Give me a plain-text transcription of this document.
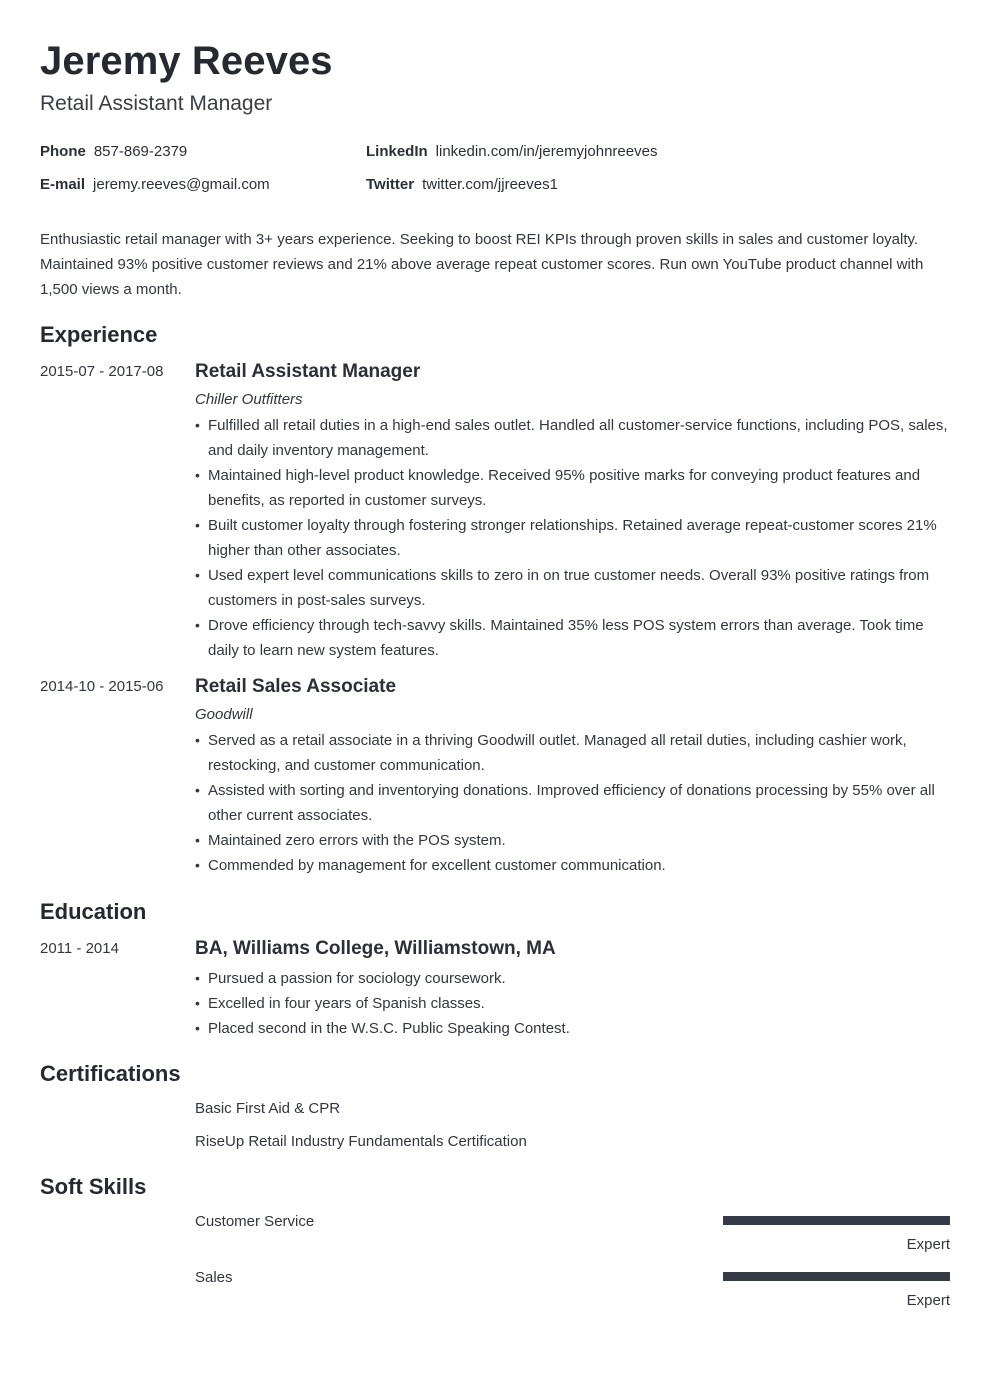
Jeremy Reeves
Retail Assistant Manager
Phone 857-869-2379
E-mail jeremy.reeves@gmail.com
LinkedIn linkedin.com/in/jeremyjohnreeves
Twitter twitter.com/jjreeves1

Enthusiastic retail manager with 3+ years experience. Seeking to boost REI KPIs through proven skills in sales and customer loyalty. Maintained 93% positive customer reviews and 21% above average repeat customer scores. Run own YouTube product channel with 1,500 views a month.

Experience
2015-07 - 2017-08 Retail Assistant Manager
Chiller Outfitters
• Fulfilled all retail duties in a high-end sales outlet. Handled all customer-service functions, including POS, sales, and daily inventory management.
• Maintained high-level product knowledge. Received 95% positive marks for conveying product features and benefits, as reported in customer surveys.
• Built customer loyalty through fostering stronger relationships. Retained average repeat-customer scores 21% higher than other associates.
• Used expert level communications skills to zero in on true customer needs. Overall 93% positive ratings from customers in post-sales surveys.
• Drove efficiency through tech-savvy skills. Maintained 35% less POS system errors than average. Took time daily to learn new system features.
2014-10 - 2015-06 Retail Sales Associate
Goodwill
• Served as a retail associate in a thriving Goodwill outlet. Managed all retail duties, including cashier work, restocking, and customer communication.
• Assisted with sorting and inventorying donations. Improved efficiency of donations processing by 55% over all other current associates.
• Maintained zero errors with the POS system.
• Commended by management for excellent customer communication.
Education
2011 - 2014	BA, Williams College, Williamstown, MA
• Pursued a passion for sociology coursework.
• Excelled in four years of Spanish classes.
• Placed second in the W.S.C. Public Speaking Contest.
Certifications
Basic First Aid & CPR
RiseUp Retail Industry Fundamentals Certification
Soft Skills
Customer Service
Expert
Sales
Expert
